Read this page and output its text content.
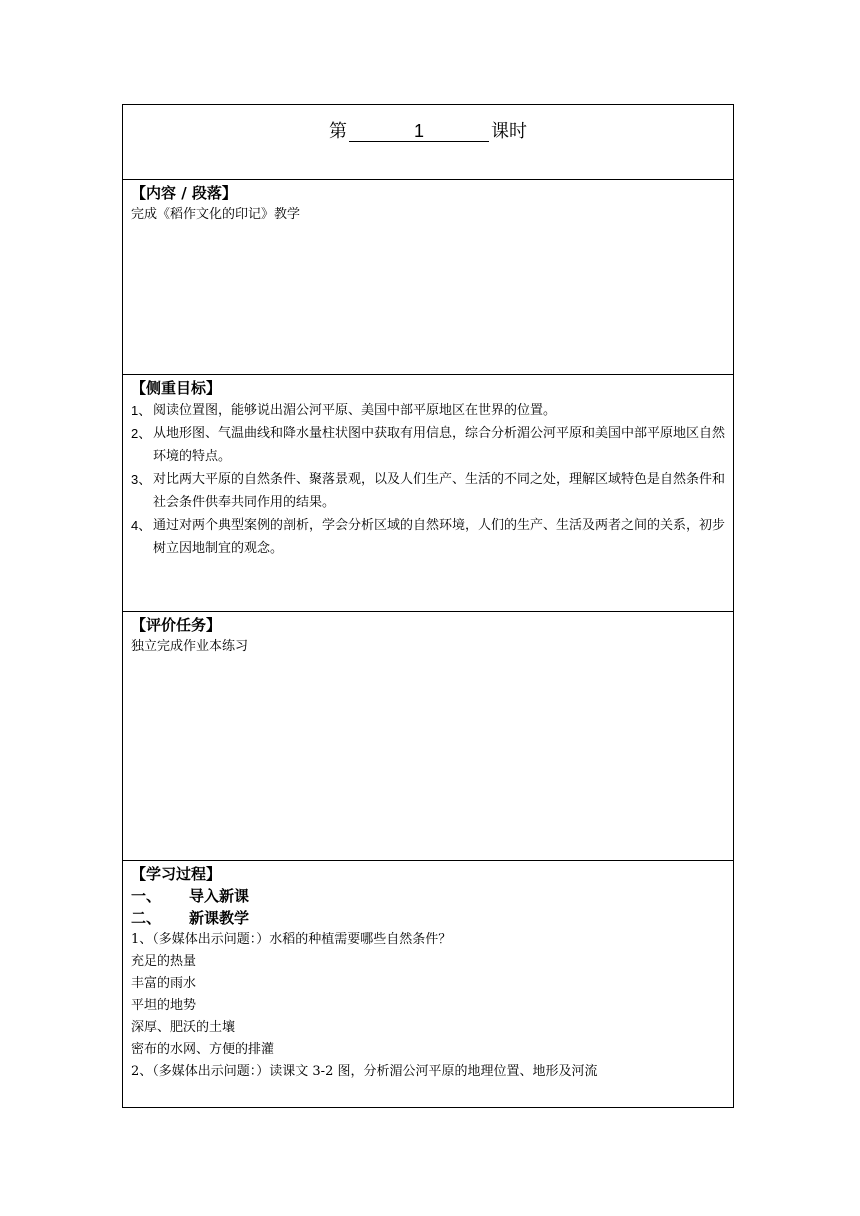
第	1	课时

【内容 / 段落】
完成《稻作文化的印记》教学

【侧重目标】
1、 阅读位置图，能够说出湄公河平原、美国中部平原地区在世界的位置。
2、 从地形图、气温曲线和降水量柱状图中获取有用信息，综合分析湄公河平原和美国中部平原地区自然环境的特点。
3、 对比两大平原的自然条件、聚落景观，以及人们生产、生活的不同之处，理解区域特色是自然条件和社会条件供奉共同作用的结果。
4、 通过对两个典型案例的剖析，学会分析区域的自然环境，人们的生产、生活及两者之间的关系，初步树立因地制宜的观念。

【评价任务】
独立完成作业本练习

【学习过程】
一、 导入新课
二、 新课教学
1、（多媒体出示问题：）水稻的种植需要哪些自然条件？
充足的热量
丰富的雨水
平坦的地势
深厚、肥沃的土壤
密布的水网、方便的排灌
2、（多媒体出示问题：）读课文 3-2 图，分析湄公河平原的地理位置、地形及河流
